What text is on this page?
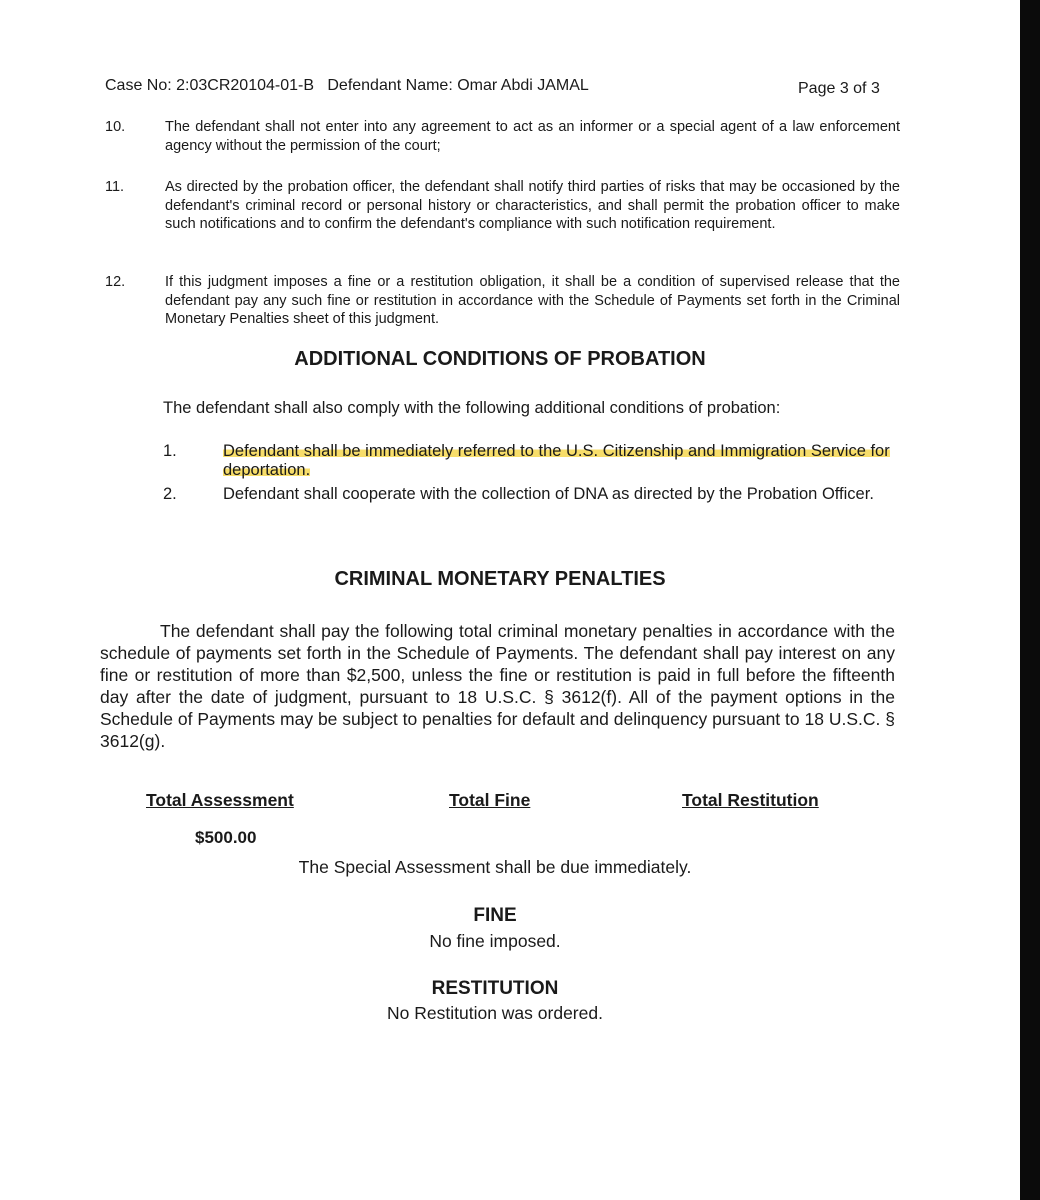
Case No: 2:03CR20104-01-B Defendant Name: Omar Abdi JAMAL	Page 3 of 3
10.	The defendant shall not enter into any agreement to act as an informer or a special agent of a law enforcement agency without the permission of the court;
11.	As directed by the probation officer, the defendant shall notify third parties of risks that may be occasioned by the defendant's criminal record or personal history or characteristics, and shall permit the probation officer to make such notifications and to confirm the defendant's compliance with such notification requirement.
12.	If this judgment imposes a fine or a restitution obligation, it shall be a condition of supervised release that the defendant pay any such fine or restitution in accordance with the Schedule of Payments set forth in the Criminal Monetary Penalties sheet of this judgment.
ADDITIONAL CONDITIONS OF PROBATION
The defendant shall also comply with the following additional conditions of probation:
1.	Defendant shall be immediately referred to the U.S. Citizenship and Immigration Service for deportation.
2.	Defendant shall cooperate with the collection of DNA as directed by the Probation Officer.
CRIMINAL MONETARY PENALTIES
The defendant shall pay the following total criminal monetary penalties in accordance with the schedule of payments set forth in the Schedule of Payments. The defendant shall pay interest on any fine or restitution of more than $2,500, unless the fine or restitution is paid in full before the fifteenth day after the date of judgment, pursuant to 18 U.S.C. § 3612(f). All of the payment options in the Schedule of Payments may be subject to penalties for default and delinquency pursuant to 18 U.S.C. § 3612(g).
Total Assessment	Total Fine	Total Restitution
$500.00
The Special Assessment shall be due immediately.
FINE
No fine imposed.
RESTITUTION
No Restitution was ordered.
